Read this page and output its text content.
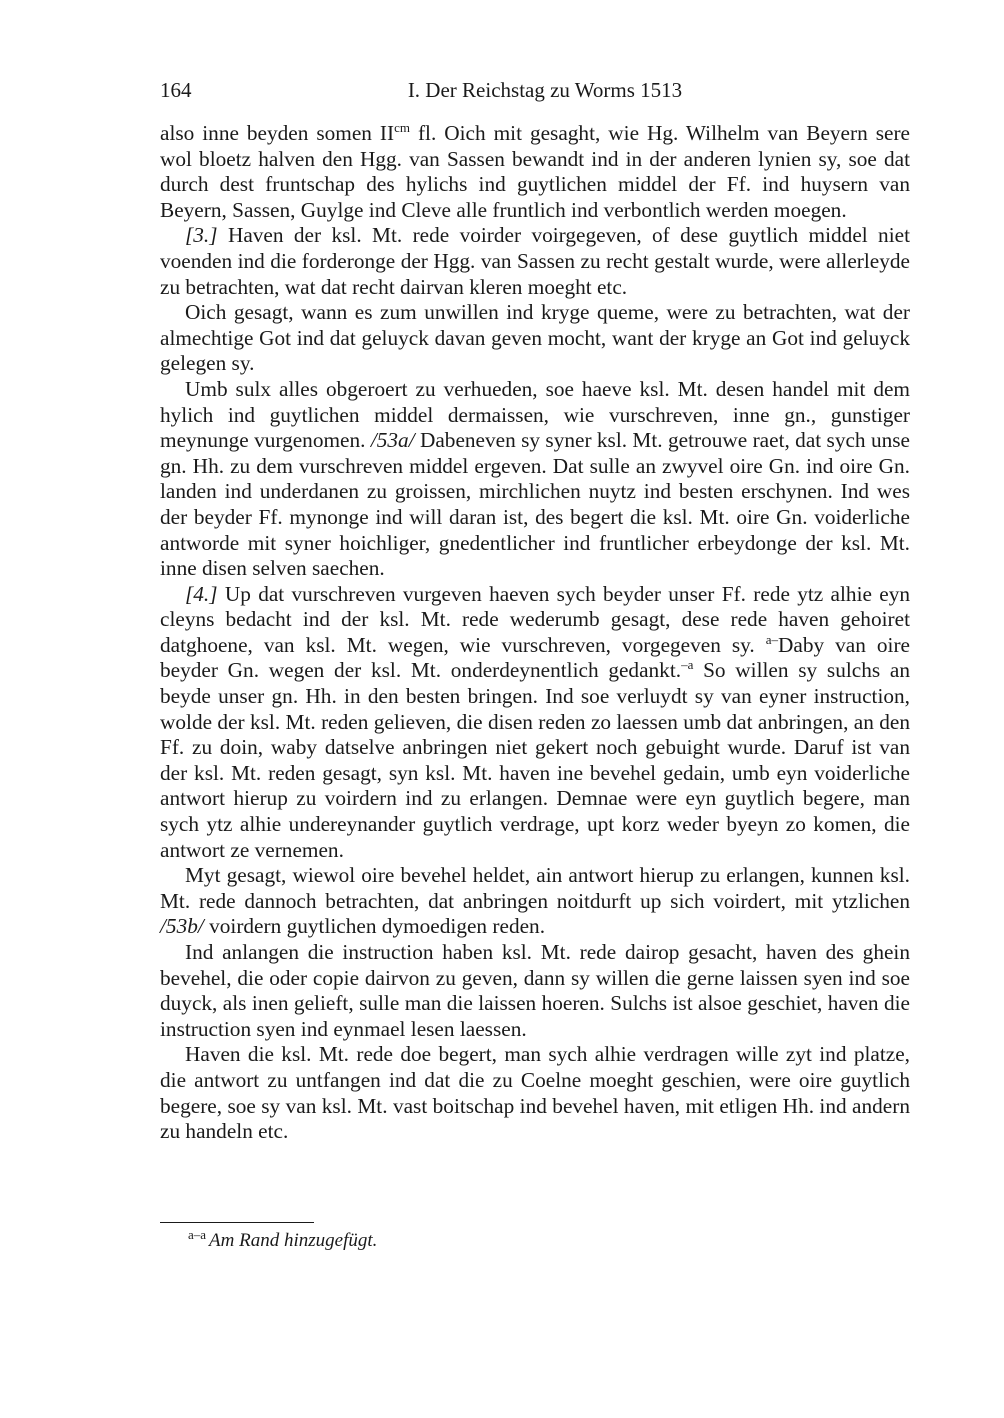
164	I. Der Reichstag zu Worms 1513

also inne beyden somen $II^{cm}$ fl. Oich mit gesaght, wie Hg. Wilhelm van Beyern sere wol bloetz halven den Hgg. van Sassen bewandt ind in der anderen lynien sy, soe dat durch dest fruntschap des hylichs ind guytlichen middel der Ff. ind huysern van Beyern, Sassen, Guylge ind Cleve alle fruntlich ind verbontlich werden moegen.

[3.] Haven der ksl. Mt. rede voirder voirgegeven, of dese guytlich middel niet voenden ind die forderonge der Hgg. van Sassen zu recht gestalt wurde, were allerleyde zu betrachten, wat dat recht dairvan kleren moeght etc.

Oich gesagt, wann es zum unwillen ind kryge queme, were zu betrachten, wat der almechtige Got ind dat geluyck davan geven mocht, want der kryge an Got ind geluyck gelegen sy.

Umb sulx alles obgeroert zu verhueden, soe haeve ksl. Mt. desen handel mit dem hylich ind guytlichen middel dermaissen, wie vurschreven, inne gn., gunstiger meynunge vurgenomen. /53a/ Dabeneven sy syner ksl. Mt. getrouwe raet, dat sych unse gn. Hh. zu dem vurschreven middel ergeven. Dat sulle an zwyvel oire Gn. ind oire Gn. landen ind underdanen zu groissen, mirchlichen nuytz ind besten erschynen. Ind wes der beyder Ff. mynonge ind will daran ist, des begert die ksl. Mt. oire Gn. voiderliche antworde mit syner hoichliger, gnedentlicher ind fruntlicher erbeydonge der ksl. Mt. inne disen selven saechen.

[4.] Up dat vurschreven vurgeven haeven sych beyder unser Ff. rede ytz alhie eyn cleyns bedacht ind der ksl. Mt. rede wederumb gesagt, dese rede haven gehoiret datghoene, van ksl. Mt. wegen, wie vurschreven, vorgegeven sy. $^{a-}$Daby van oire beyder Gn. wegen der ksl. Mt. onderdeynentlich gedankt.$^{-a}$ So willen sy sulchs an beyde unser gn. Hh. in den besten bringen. Ind soe verluydt sy van eyner instruction, wolde der ksl. Mt. reden gelieven, die disen reden zo laessen umb dat anbringen, an den Ff. zu doin, waby datselve anbringen niet gekert noch gebuight wurde. Daruf ist van der ksl. Mt. reden gesagt, syn ksl. Mt. haven ine bevehel gedain, umb eyn voiderliche antwort hierup zu voirdern ind zu erlangen. Demnae were eyn guytlich begere, man sych ytz alhie undereynander guytlich verdrage, upt korz weder byeyn zo komen, die antwort ze vernemen.

Myt gesagt, wiewol oire bevehel heldet, ain antwort hierup zu erlangen, kunnen ksl. Mt. rede dannoch betrachten, dat anbringen noitdurft up sich voirdert, mit ytzlichen /53b/ voirdern guytlichen dymoedigen reden.

Ind anlangen die instruction haben ksl. Mt. rede dairop gesacht, haven des ghein bevehel, die oder copie dairvon zu geven, dann sy willen die gerne laissen syen ind soe duyck, als inen gelieft, sulle man die laissen hoeren. Sulchs ist alsoe geschiet, haven die instruction syen ind eynmael lesen laessen.

Haven die ksl. Mt. rede doe begert, man sych alhie verdragen wille zyt ind platze, die antwort zu untfangen ind dat die zu Coelne moeght geschien, were oire guytlich begere, soe sy van ksl. Mt. vast boitschap ind bevehel haven, mit etligen Hh. ind andern zu handeln etc.

$^{a-a}$ Am Rand hinzugefügt.
